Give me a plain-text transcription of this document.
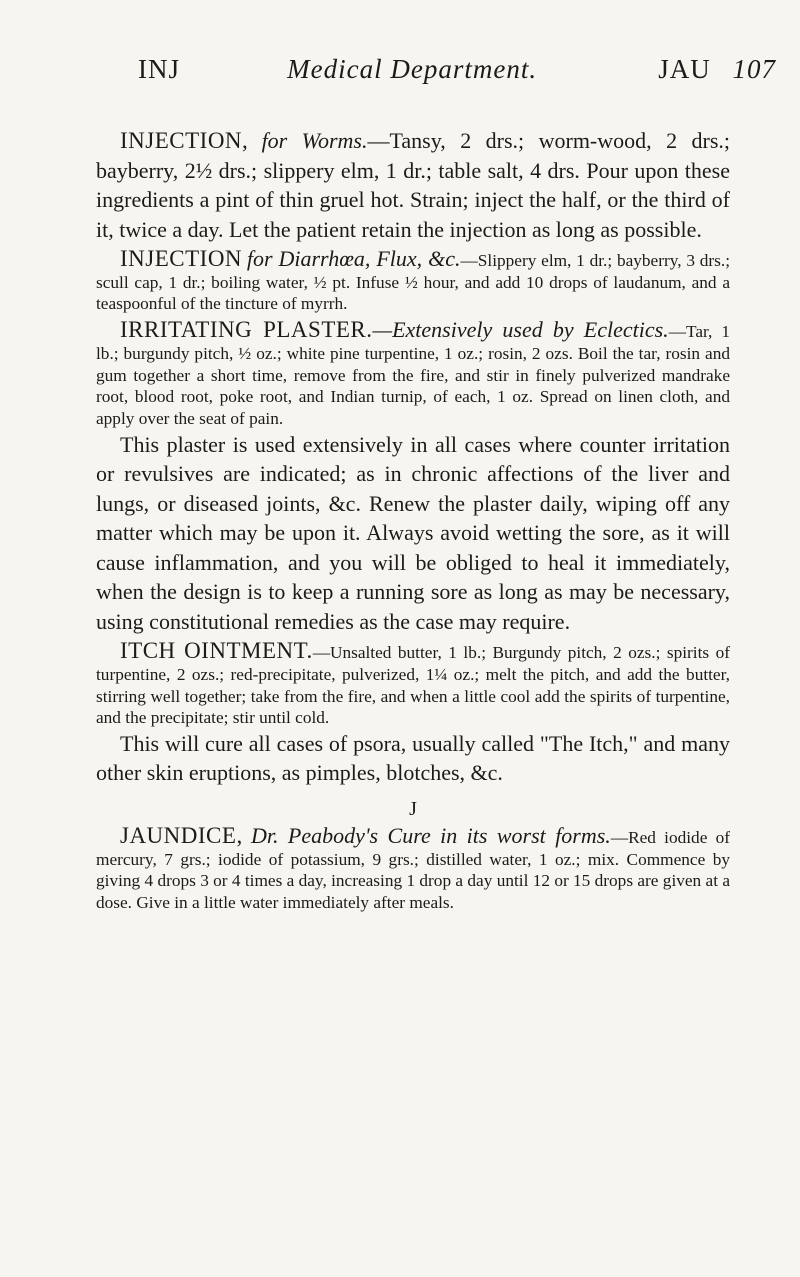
INJ	Medical Department.	JAU 107

INJECTION, for Worms.—Tansy, 2 drs.; worm-wood, 2 drs.; bayberry, 2½ drs.; slippery elm, 1 dr.; table salt, 4 drs. Pour upon these ingredients a pint of thin gruel hot. Strain; inject the half, or the third of it, twice a day. Let the patient retain the injection as long as possible.

INJECTION for Diarrhœa, Flux, &c.—Slippery elm, 1 dr.; bayberry, 3 drs.; scull cap, 1 dr.; boiling water, ½ pt. Infuse ½ hour, and add 10 drops of laudanum, and a teaspoonful of the tincture of myrrh.

IRRITATING PLASTER.—Extensively used by Eclectics.—Tar, 1 lb.; burgundy pitch, ½ oz.; white pine turpentine, 1 oz.; rosin, 2 ozs. Boil the tar, rosin and gum together a short time, remove from the fire, and stir in finely pulverized mandrake root, blood root, poke root, and Indian turnip, of each, 1 oz. Spread on linen cloth, and apply over the seat of pain.

This plaster is used extensively in all cases where counter irritation or revulsives are indicated; as in chronic affections of the liver and lungs, or diseased joints, &c. Renew the plaster daily, wiping off any matter which may be upon it. Always avoid wetting the sore, as it will cause inflammation, and you will be obliged to heal it immediately, when the design is to keep a running sore as long as may be necessary, using constitutional remedies as the case may require.

ITCH OINTMENT.—Unsalted butter, 1 lb.; Burgundy pitch, 2 ozs.; spirits of turpentine, 2 ozs.; red-precipitate, pulverized, 1¼ oz.; melt the pitch, and add the butter, stirring well together; take from the fire, and when a little cool add the spirits of turpentine, and the precipitate; stir until cold.

This will cure all cases of psora, usually called "The Itch," and many other skin eruptions, as pimples, blotches, &c.

J

JAUNDICE, Dr. Peabody's Cure in its worst forms.—Red iodide of mercury, 7 grs.; iodide of potassium, 9 grs.; distilled water, 1 oz.; mix. Commence by giving 4 drops 3 or 4 times a day, increasing 1 drop a day until 12 or 15 drops are given at a dose. Give in a little water immediately after meals.
